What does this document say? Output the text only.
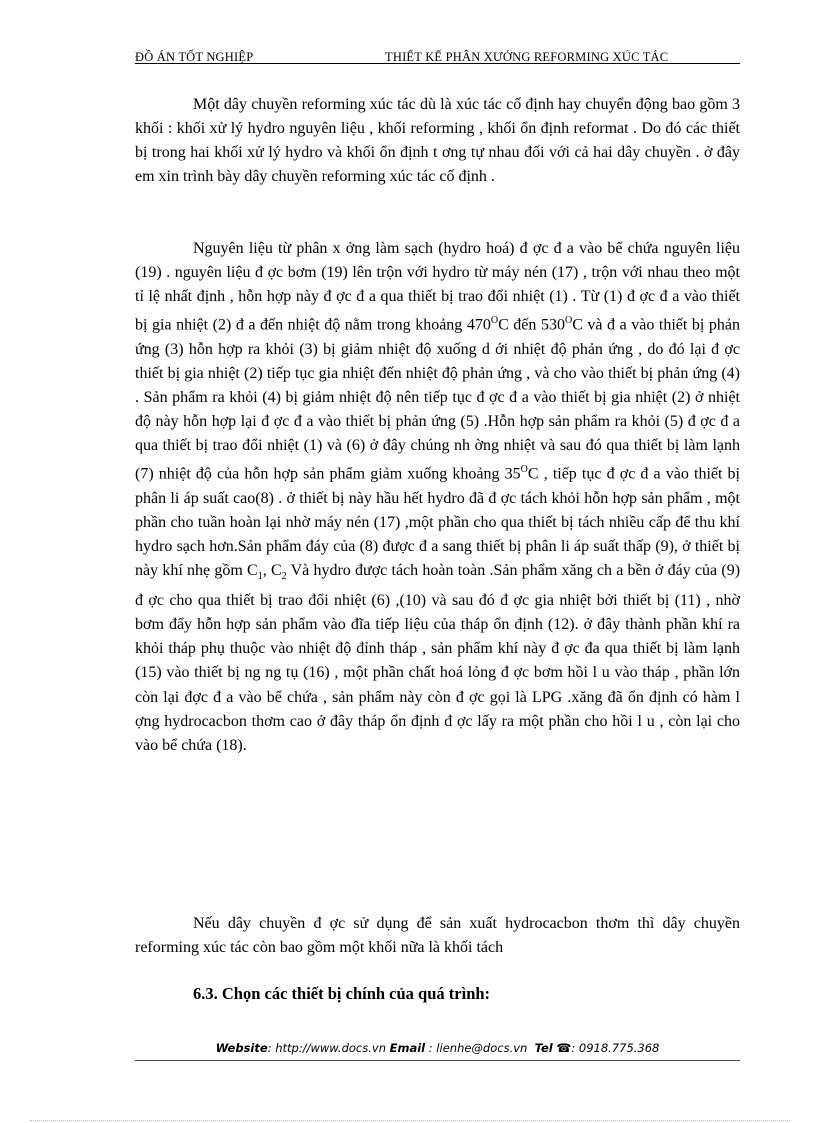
ĐỒ ÁN TỐT NGHIỆP	THIẾT KẾ PHÂN XƯỞNG REFORMING XÚC TÁC

Một dây chuyền reforming xúc tác dù là xúc tác cố định hay chuyển động bao gồm 3 khối : khối xử lý hydro nguyên liệu , khối reforming , khối ổn định reformat . Do đó các thiết bị trong hai khối xử lý hydro và khối ổn định t ơng tự nhau đối với cả hai dây chuyền . ở đây em xin trình bày dây chuyền reforming xúc tác cố định .

Nguyên liệu từ phân x ởng làm sạch (hydro hoá) đ ợc đ a vào bể chứa nguyên liệu (19) . nguyên liệu đ ợc bơm (19) lên trộn với hydro từ máy nén (17) , trộn với nhau theo một tỉ lệ nhất định , hỗn hợp này đ ợc đ a qua thiết bị trao đổi nhiệt (1) . Từ (1) đ ợc đ a vào thiết bị gia nhiệt (2) đ a đến nhiệt độ nằm trong khoảng $470^OC$ đến $530^OC$ và đ a vào thiết bị phản ứng (3) hỗn hợp ra khỏi (3) bị giảm nhiệt độ xuống d ới nhiệt độ phản ứng , do đó lại đ ợc thiết bị gia nhiệt (2) tiếp tục gia nhiệt đến nhiệt độ phản ứng , và cho vào thiết bị phản ứng (4) . Sản phẩm ra khỏi (4) bị giảm nhiệt độ nên tiếp tục đ ợc đ a vào thiết bị gia nhiệt (2) ở nhiệt độ này hỗn hợp lại đ ợc đ a vào thiết bị phản ứng (5) .Hỗn hợp sản phẩm ra khỏi (5) đ ợc đ a qua thiết bị trao đổi nhiệt (1) và (6) ở đây chúng nh ờng nhiệt và sau đó qua thiết bị làm lạnh (7) nhiệt độ của hỗn hợp sản phẩm giảm xuống khoảng $35^OC$ , tiếp tục đ ợc đ a vào thiết bị phân li áp suất cao(8) . ở thiết bị này hầu hết hydro đã đ ợc tách khỏi hỗn hợp sản phẩm , một phần cho tuần hoàn lại nhờ máy nén (17) ,một phần cho qua thiết bị tách nhiều cấp để thu khí hydro sạch hơn.Sản phẩm đáy của (8) được đ a sang thiết bị phân li áp suất thấp (9), ở thiết bị này khí nhẹ gồm $C_1$, $C_2$ Và hydro được tách hoàn toàn .Sản phẩm xăng ch a bền ở đáy của (9) đ ợc cho qua thiết bị trao đổi nhiệt (6) ,(10) và sau đó đ ợc gia nhiệt bởi thiết bị (11) , nhờ bơm đẩy hỗn hợp sản phẩm vào đĩa tiếp liệu của tháp ổn định (12). ở đây thành phần khí ra khỏi tháp phụ thuộc vào nhiệt độ đỉnh tháp , sản phẩm khí này đ ợc đa qua thiết bị làm lạnh (15) vào thiết bị ng ng tụ (16) , một phần chất hoá lỏng đ ợc bơm hồi l u vào tháp , phần lớn còn lại đợc đ a vào bể chứa , sản phẩm này còn đ ợc gọi là LPG .xăng đã ổn định có hàm l ợng hydrocacbon thơm cao ở đây tháp ổn định đ ợc lấy ra một phần cho hồi l u , còn lại cho vào bể chứa (18).

Nếu dây chuyền đ ợc sử dụng để sản xuất hydrocacbon thơm thì dây chuyền reforming xúc tác còn bao gồm một khối nữa là khối tách

6.3. Chọn các thiết bị chính của quá trình:
Website: http://www.docs.vn Email : lienhe@docs.vn Tel ☎: 0918.775.368
